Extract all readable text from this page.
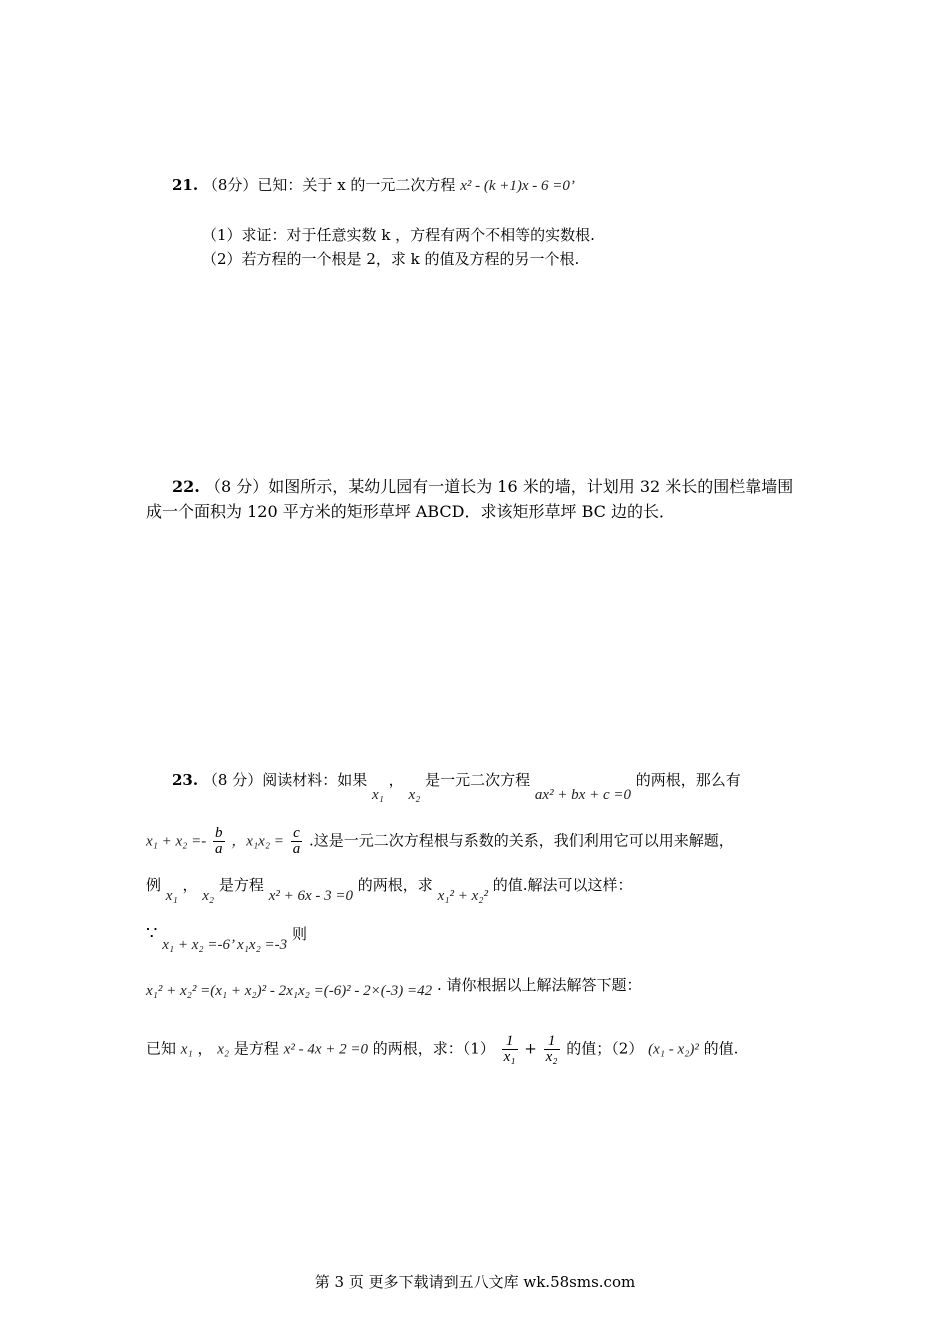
21. （8分）已知：关于 x 的一元二次方程 x² - (k +1)x - 6 =0’
（1）求证：对于任意实数 k ，方程有两个不相等的实数根.
（2）若方程的一个根是 2，求 k 的值及方程的另一个根.
22. （8 分）如图所示，某幼儿园有一道长为 16 米的墙，计划用 32 米长的围栏靠墙围
成一个面积为 120 平方米的矩形草坪 ABCD．求该矩形草坪 BC 边的长．
23. （8 分）阅读材料：如果 x₁ ， x₂ 是一元二次方程 ax² + bx + c =0 的两根，那么有
$x_1 + x_2 =- \frac{b}{a}$ ，$x_1x_2 = \frac{c}{a}$ .这是一元二次方程根与系数的关系，我们利用它可以用来解题，
例 x₁ ， x₂ 是方程 x² + 6x - 3 =0 的两根，求 x₁² + x₂² 的值.解法可以这样：
∵ x₁ + x₂ =-6’ x₁x₂ =-3 则
x₁² + x₂² =(x₁ + x₂)² - 2x₁x₂ =(-6)² - 2×(-3) =42 . 请你根据以上解法解答下题：
已知 x₁ ， x₂ 是方程 x² - 4x + 2 =0 的两根，求：$(1) \frac{1}{\text{x₁}} + \frac{1}{\text{x₂}}$ 的值；（2） (x₁ - x₂)² 的值.
第 3 页 更多下载请到五八文库 wk.58sms.com
